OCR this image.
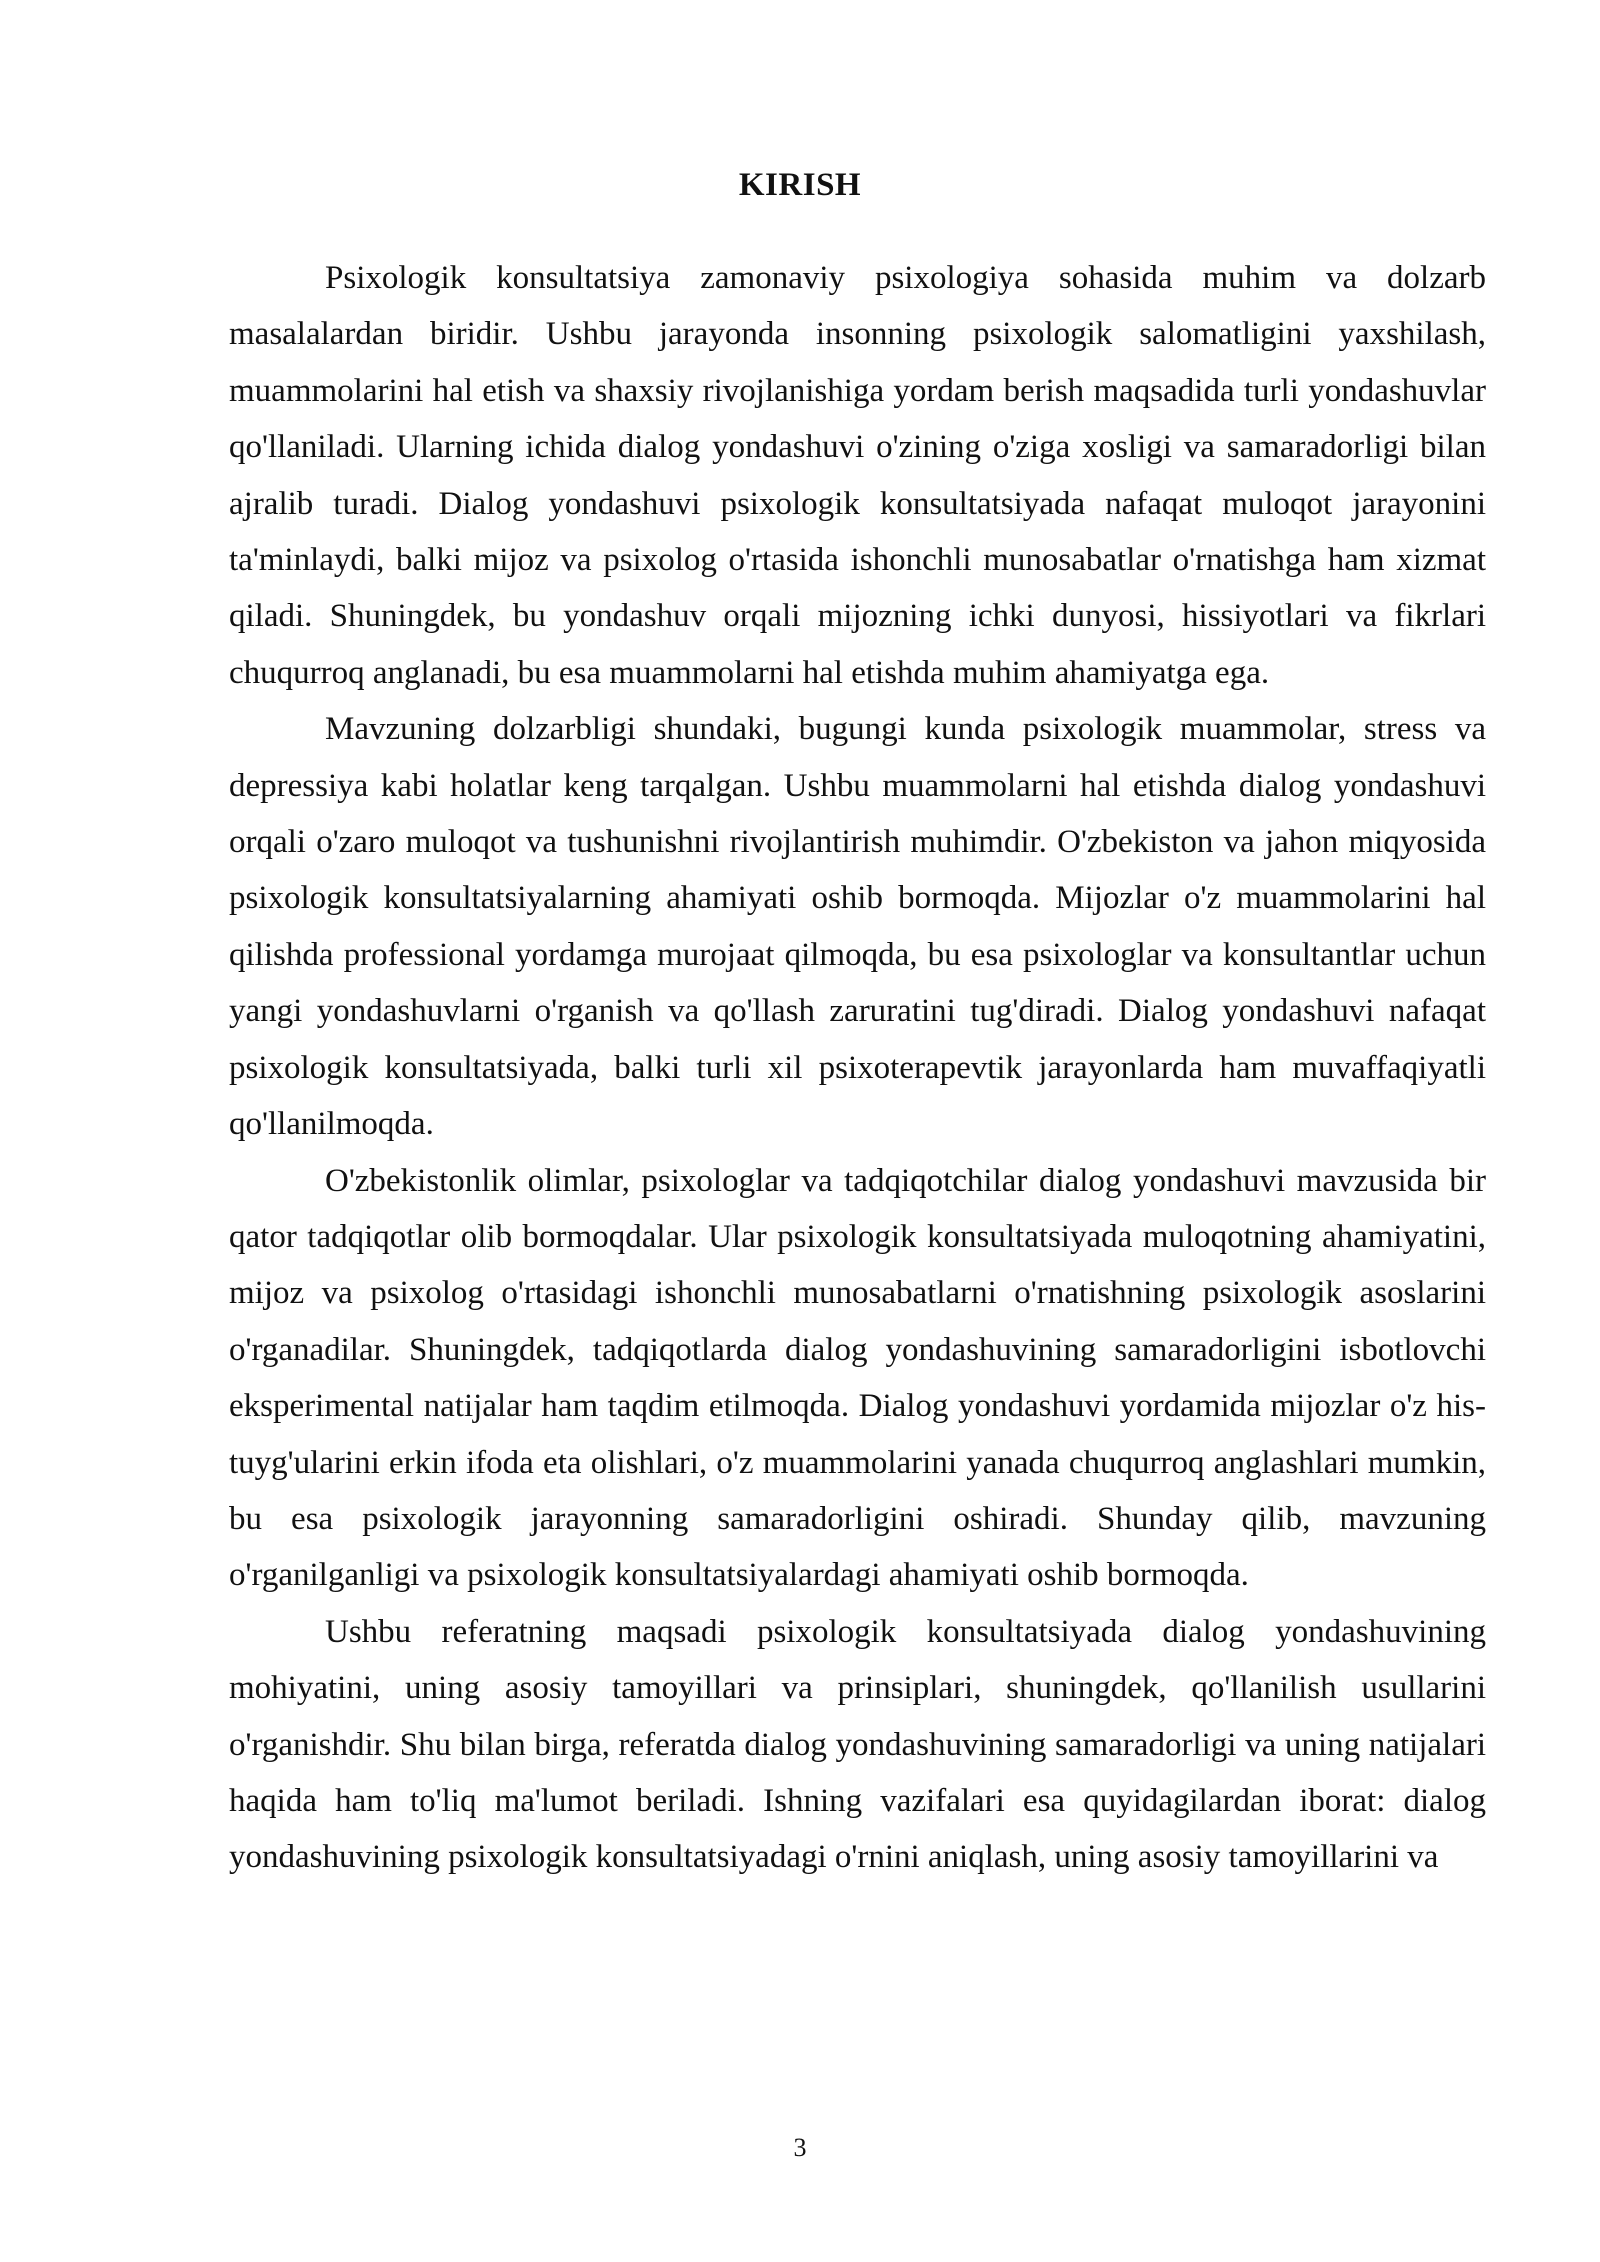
KIRISH

Psixologik konsultatsiya zamonaviy psixologiya sohasida muhim va dolzarb masalalardan biridir. Ushbu jarayonda insonning psixologik salomatligini yaxshilash, muammolarini hal etish va shaxsiy rivojlanishiga yordam berish maqsadida turli yondashuvlar qo'llaniladi. Ularning ichida dialog yondashuvi o'zining o'ziga xosligi va samaradorligi bilan ajralib turadi. Dialog yondashuvi psixologik konsultatsiyada nafaqat muloqot jarayonini ta'minlaydi, balki mijoz va psixolog o'rtasida ishonchli munosabatlar o'rnatishga ham xizmat qiladi. Shuningdek, bu yondashuv orqali mijozning ichki dunyosi, hissiyotlari va fikrlari chuqurroq anglanadi, bu esa muammolarni hal etishda muhim ahamiyatga ega.

Mavzuning dolzarbligi shundaki, bugungi kunda psixologik muammolar, stress va depressiya kabi holatlar keng tarqalgan. Ushbu muammolarni hal etishda dialog yondashuvi orqali o'zaro muloqot va tushunishni rivojlantirish muhimdir. O'zbekiston va jahon miqyosida psixologik konsultatsiyalarning ahamiyati oshib bormoqda. Mijozlar o'z muammolarini hal qilishda professional yordamga murojaat qilmoqda, bu esa psixologlar va konsultantlar uchun yangi yondashuvlarni o'rganish va qo'llash zaruratini tug'diradi. Dialog yondashuvi nafaqat psixologik konsultatsiyada, balki turli xil psixoterapevtik jarayonlarda ham muvaffaqiyatli qo'llanilmoqda.

O'zbekistonlik olimlar, psixologlar va tadqiqotchilar dialog yondashuvi mavzusida bir qator tadqiqotlar olib bormoqdalar. Ular psixologik konsultatsiyada muloqotning ahamiyatini, mijoz va psixolog o'rtasidagi ishonchli munosabatlarni o'rnatishning psixologik asoslarini o'rganadilar. Shuningdek, tadqiqotlarda dialog yondashuvining samaradorligini isbotlovchi eksperimental natijalar ham taqdim etilmoqda. Dialog yondashuvi yordamida mijozlar o'z his-tuyg'ularini erkin ifoda eta olishlari, o'z muammolarini yanada chuqurroq anglashlari mumkin, bu esa psixologik jarayonning samaradorligini oshiradi. Shunday qilib, mavzuning o'rganilganligi va psixologik konsultatsiyalardagi ahamiyati oshib bormoqda.

Ushbu referatning maqsadi psixologik konsultatsiyada dialog yondashuvining mohiyatini, uning asosiy tamoyillari va prinsiplari, shuningdek, qo'llanilish usullarini o'rganishdir. Shu bilan birga, referatda dialog yondashuvining samaradorligi va uning natijalari haqida ham to'liq ma'lumot beriladi. Ishning vazifalari esa quyidagilardan iborat: dialog yondashuvining psixologik konsultatsiyadagi o'rnini aniqlash, uning asosiy tamoyillarini va

3
